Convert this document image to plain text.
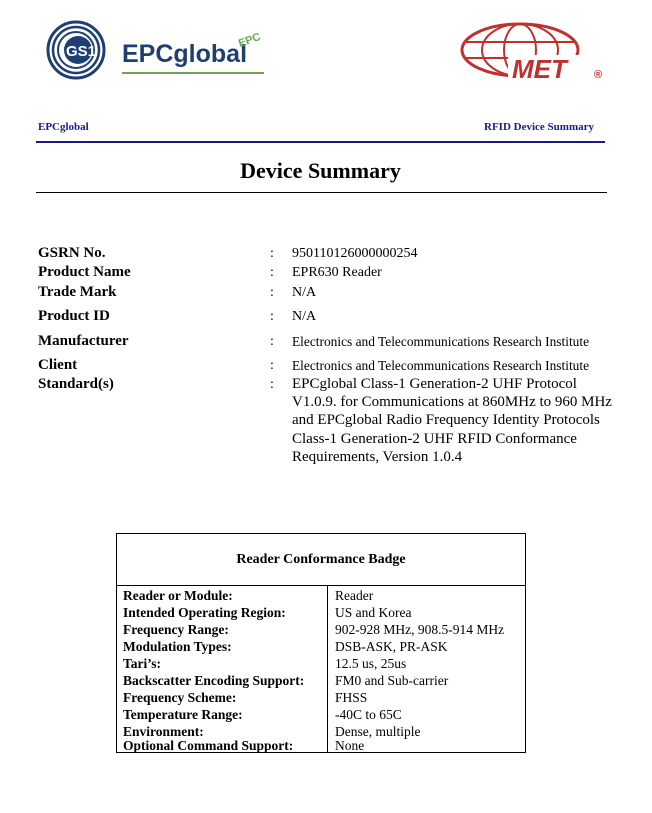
GS1 EPCglobal
EPC
MET ®
EPCglobal	RFID Device Summary
Device Summary
GSRN No.	: 950110126000000254
Product Name	: EPR630 Reader
Trade Mark	: N/A
Product ID	: N/A
Manufacturer	: Electronics and Telecommunications Research Institute
Client	: Electronics and Telecommunications Research Institute
Standard(s)	: EPCglobal Class-1 Generation-2 UHF Protocol V1.0.9. for Communications at 860MHz to 960 MHz and EPCglobal Radio Frequency Identity Protocols Class-1 Generation-2 UHF RFID Conformance Requirements, Version 1.0.4
Reader Conformance Badge
Reader or Module:	Reader
Intended Operating Region:	US and Korea
Frequency Range:	902-928 MHz, 908.5-914 MHz
Modulation Types:	DSB-ASK, PR-ASK
Tari’s:	12.5 us, 25us
Backscatter Encoding Support: FM0 and Sub-carrier
Frequency Scheme:	FHSS
Temperature Range:	-40C to 65C
Environment:	Dense, multiple
Optional Command Support:	None
